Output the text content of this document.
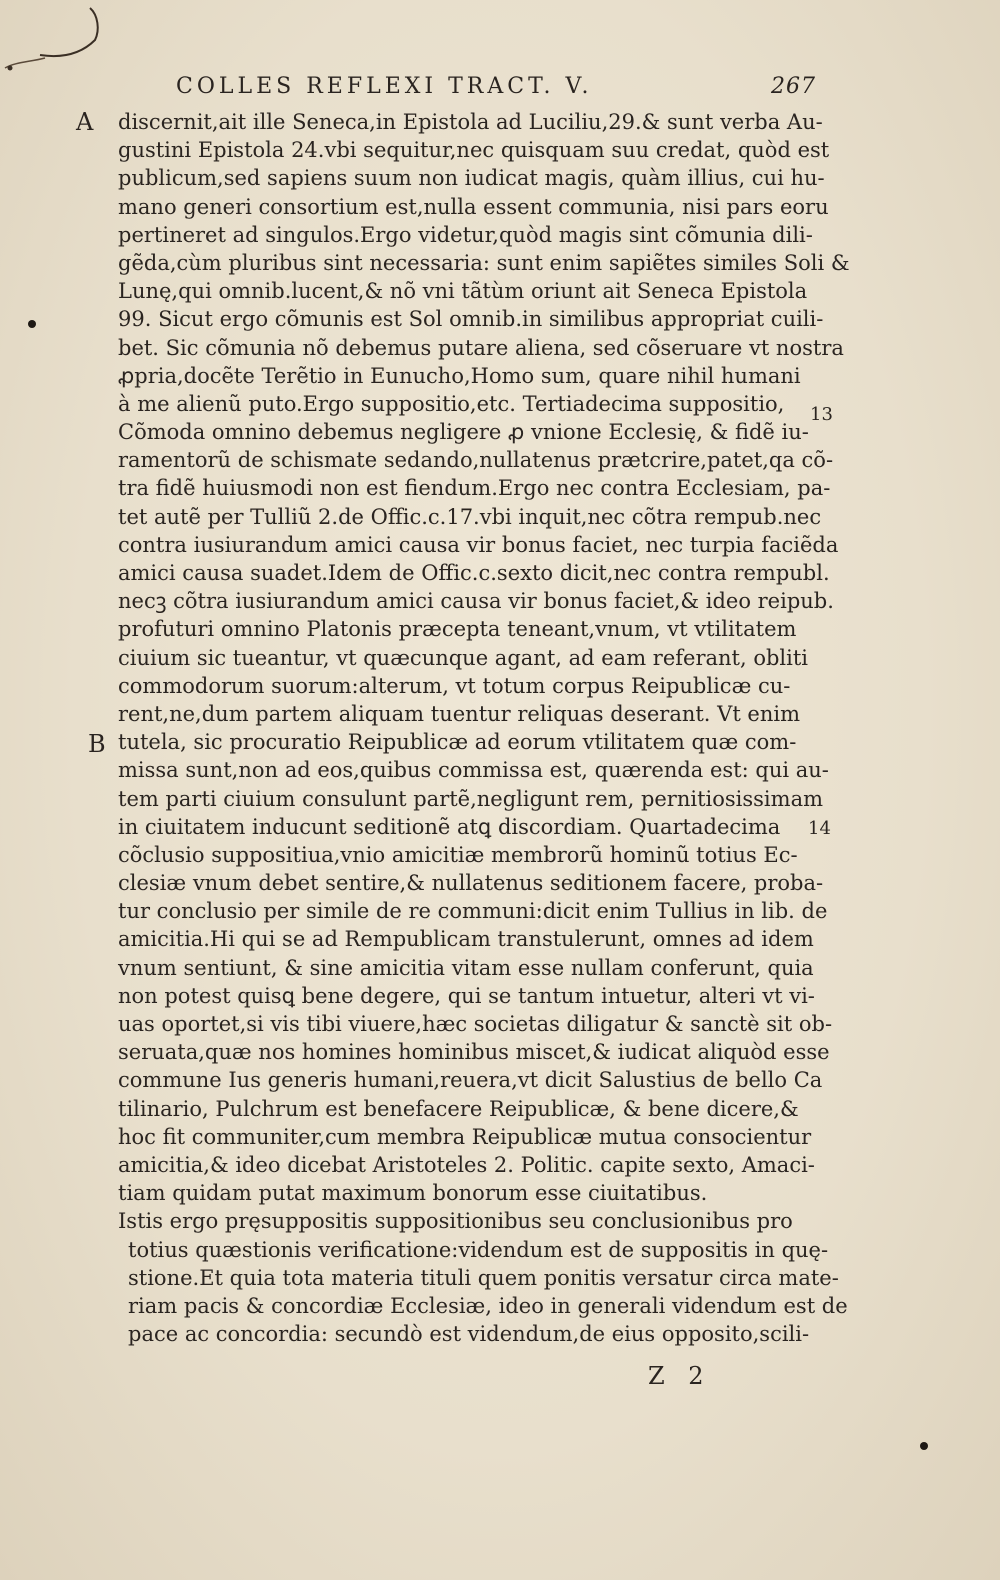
COLLES REFLEXI TRACT. V.	267
A
B
13
14
discernit,ait ille Seneca,in Epistola ad Luciliu,29.& sunt verba Au-
gustini Epistola 24.vbi sequitur,nec quisquam suu credat, quòd est
publicum,sed sapiens suum non iudicat magis, quàm illius, cui hu-
mano generi consortium est,nulla essent communia, nisi pars eoru
pertineret ad singulos.Ergo videtur,quòd magis sint cõmunia dili-
gẽda,cùm pluribus sint necessaria: sunt enim sapiẽtes similes Soli &
Lunę,qui omnib.lucent,& nõ vni tãtùm oriunt ait Seneca Epistola
99. Sicut ergo cõmunis est Sol omnib.in similibus appropriat cuili-
bet. Sic cõmunia nõ debemus putare aliena, sed cõseruare vt nostra
ꝓpria,docẽte Terẽtio in Eunucho,Homo sum, quare nihil humani
à me alienũ puto.Ergo suppositio,etc. Tertiadecima suppositio,
Cõmoda omnino debemus negligere ꝓ vnione Ecclesię, & fidẽ iu-
ramentorũ de schismate sedando,nullatenus prætcrire,patet,qa cõ-
tra fidẽ huiusmodi non est fiendum.Ergo nec contra Ecclesiam, pa-
tet autẽ per Tulliũ 2.de Offic.c.17.vbi inquit,nec cõtra rempub.nec
contra iusiurandum amici causa vir bonus faciet, nec turpia faciẽda
amici causa suadet.Idem de Offic.c.sexto dicit,nec contra rempubl.
necꝫ cõtra iusiurandum amici causa vir bonus faciet,& ideo reipub.
profuturi omnino Platonis præcepta teneant,vnum, vt vtilitatem
ciuium sic tueantur, vt quæcunque agant, ad eam referant, obliti
commodorum suorum:alterum, vt totum corpus Reipublicæ cu-
rent,ne,dum partem aliquam tuentur reliquas deserant. Vt enim
tutela, sic procuratio Reipublicæ ad eorum vtilitatem quæ com-
missa sunt,non ad eos,quibus commissa est, quærenda est: qui au-
tem parti ciuium consulunt partẽ,negligunt rem, pernitiosissimam
in ciuitatem inducunt seditionẽ atꝗ discordiam. Quartadecima
cõclusio suppositiua,vnio amicitiæ membrorũ hominũ totius Ec-
clesiæ vnum debet sentire,& nullatenus seditionem facere, proba-
tur conclusio per simile de re communi:dicit enim Tullius in lib. de
amicitia.Hi qui se ad Rempublicam transtulerunt, omnes ad idem
vnum sentiunt, & sine amicitia vitam esse nullam conferunt, quia
non potest quisꝗ bene degere, qui se tantum intuetur, alteri vt vi-
uas oportet,si vis tibi viuere,hæc societas diligatur & sanctè sit ob-
seruata,quæ nos homines hominibus miscet,& iudicat aliquòd esse
commune Ius generis humani,reuera,vt dicit Salustius de bello Ca
tilinario, Pulchrum est benefacere Reipublicæ, & bene dicere,&
hoc fit communiter,cum membra Reipublicæ mutua consocientur
amicitia,& ideo dicebat Aristoteles 2. Politic. capite sexto, Amaci-
tiam quidam putat maximum bonorum esse ciuitatibus.
Istis ergo pręsuppositis suppositionibus seu conclusionibus pro
totius quæstionis verificatione:videndum est de suppositis in quę-
stione.Et quia tota materia tituli quem ponitis versatur circa mate-
riam pacis & concordiæ Ecclesiæ, ideo in generali videndum est de
pace ac concordia: secundò est videndum,de eius opposito,scili-
Z 2
